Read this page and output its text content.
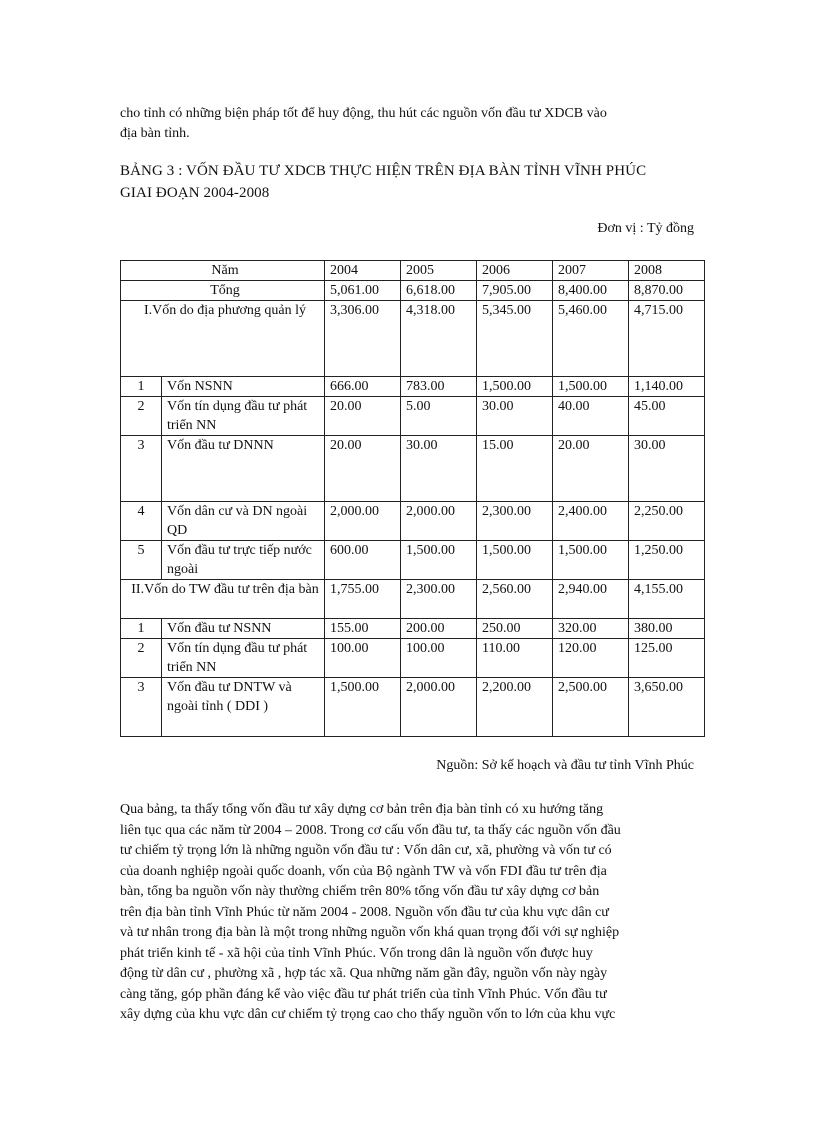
cho tỉnh có những biện pháp tốt để huy động, thu hút các nguồn vốn đầu tư XDCB vào
địa bàn tỉnh.
BẢNG 3 : VỐN ĐẦU TƯ XDCB THỰC HIỆN TRÊN ĐỊA BÀN TỈNH VĨNH PHÚC
GIAI ĐOẠN 2004-2008
Đơn vị : Tỷ đồng
Năm		2004	2005	2006	2007	2008
Tổng		5,061.00	6,618.00	7,905.00	8,400.00	8,870.00
I.Vốn do địa phương quản lý		3,306.00	4,318.00	5,345.00	5,460.00	4,715.00
1	Vốn NSNN	666.00	783.00	1,500.00	1,500.00	1,140.00
2	Vốn tín dụng đầu tư phát triển NN	20.00	5.00	30.00	40.00	45.00
3	Vốn đầu tư DNNN	20.00	30.00	15.00	20.00	30.00
4	Vốn dân cư và DN ngoài QD	2,000.00	2,000.00	2,300.00	2,400.00	2,250.00
5	Vốn đầu tư trực tiếp nước ngoài	600.00	1,500.00	1,500.00	1,500.00	1,250.00
II.Vốn do TW đầu tư trên địa bàn		1,755.00	2,300.00	2,560.00	2,940.00	4,155.00
1	Vốn đầu tư NSNN	155.00	200.00	250.00	320.00	380.00
2	Vốn tín dụng đầu tư phát triển NN	100.00	100.00	110.00	120.00	125.00
3	Vốn đầu tư DNTW và ngoài tỉnh ( DDI )	1,500.00	2,000.00	2,200.00	2,500.00	3,650.00
Nguồn: Sở kế hoạch và đầu tư tỉnh Vĩnh Phúc
Qua bảng, ta thấy tổng vốn đầu tư xây dựng cơ bản trên địa bàn tỉnh có xu hướng tăng
liên tục qua các năm từ 2004 – 2008. Trong cơ cấu vốn đầu tư, ta thấy các nguồn vốn đầu
tư chiếm tỷ trọng lớn là những nguồn vốn đầu tư : Vốn dân cư, xã, phường và vốn tư có
của doanh nghiệp ngoài quốc doanh, vốn của Bộ ngành TW và vốn FDI đầu tư trên địa
bàn, tổng ba nguồn vốn này thường chiếm trên 80% tổng vốn đầu tư xây dựng cơ bản
trên địa bàn tỉnh Vĩnh Phúc từ năm 2004 - 2008. Nguồn vốn đầu tư của khu vực dân cư
và tư nhân trong địa bàn là một trong những nguồn vốn khá quan trọng đối với sự nghiệp
phát triển kinh tế - xã hội của tỉnh Vĩnh Phúc. Vốn trong dân là nguồn vốn được huy
động từ dân cư , phường xã , hợp tác xã. Qua những năm gần đây, nguồn vốn này ngày
càng tăng, góp phần đáng kể vào việc đầu tư phát triển của tỉnh Vĩnh Phúc. Vốn đầu tư
xây dựng của khu vực dân cư chiếm tỷ trọng cao cho thấy nguồn vốn to lớn của khu vực
